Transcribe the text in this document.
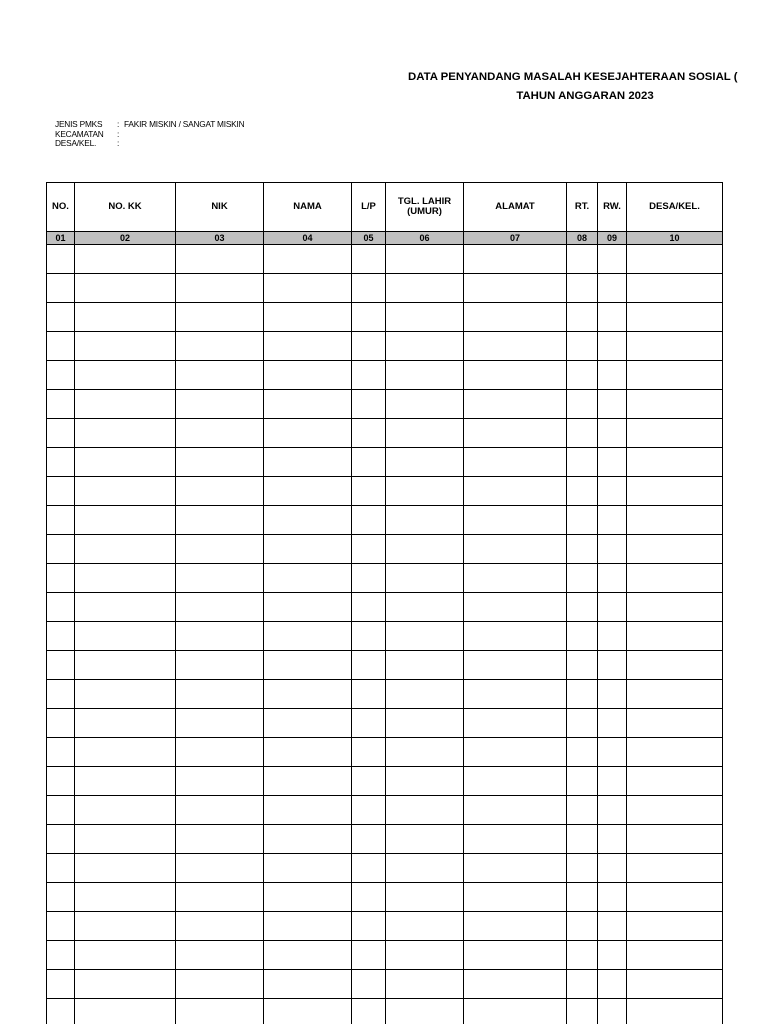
DATA PENYANDANG MASALAH KESEJAHTERAAN SOSIAL (
TAHUN ANGGARAN 2023
JENIS PMKS	: FAKIR MISKIN / SANGAT MISKIN
KECAMATAN	:
DESA/KEL.	:
NO.	NO. KK	NIK	NAMA	L/P	TGL. LAHIR (UMUR)	ALAMAT	RT.	RW.	DESA/KEL.
01	02	03	04	05	06	07	08	09	10
